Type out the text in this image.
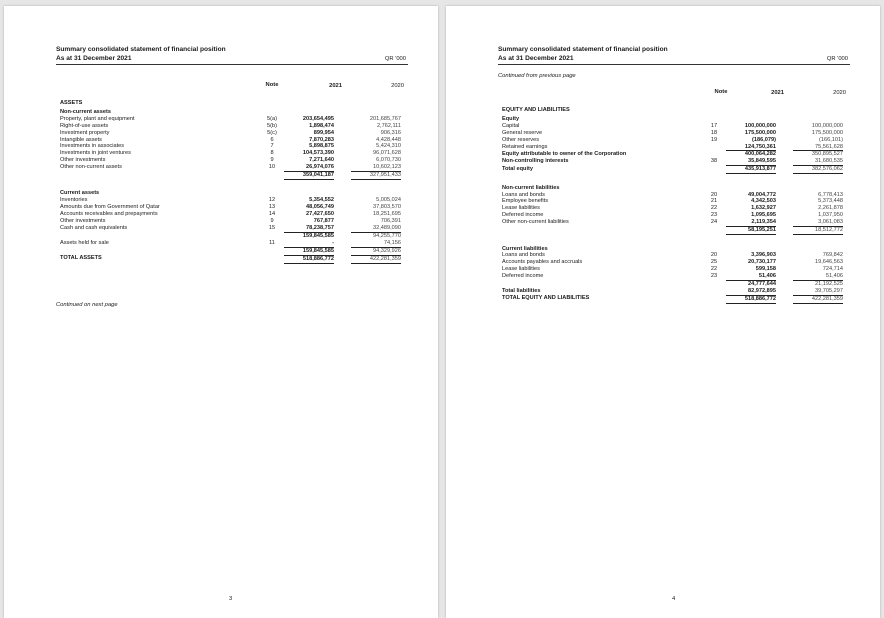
Summary consolidated statement of financial position
As at 31 December 2021	QR '000
Note	2021	2020
ASSETS				
Non-current assets				
Property, plant and equipment	5(a)	203,654,495		201,685,767
Right-of-use assets	5(b)	1,898,474		2,762,111
Investment property	5(c)	899,954		906,316
Intangible assets	6	7,870,283		4,428,448
Investments in associates	7	5,898,875		5,424,310
Investments in joint ventures	8	104,573,390		96,071,628
Other investments	9	7,271,640		6,070,730
Other non-current assets	10	26,974,076		10,602,123
		359,041,187		327,951,433

Current assets				
Inventories	12	5,354,552		5,005,024
Amounts due from Government of Qatar	13	48,056,749		37,803,570
Accounts receivables and prepayments	14	27,427,650		18,251,695
Other investments	9	767,877		706,391
Cash and cash equivalents	15	78,238,757		32,489,090
		159,845,585		94,255,770
Assets held for sale	11	-		74,156
		159,845,585		94,329,926
TOTAL ASSETS		518,886,772		422,281,359
Continued on next page
3
Summary consolidated statement of financial position
As at 31 December 2021	QR '000
Continued from previous page
Note	2021	2020
EQUITY AND LIABILITIES				
Equity				
Capital	17	100,000,000		100,000,000
General reserve	18	175,500,000		175,500,000
Other reserves	19	(186,079)		(166,101)
Retained earnings		124,750,361		75,561,628
Equity attributable to owner of the Corporation		400,064,282		350,895,527
Non-controlling interests	38	35,849,595		31,680,535
Total equity		435,913,877		382,576,062

Non-current liabilities				
Loans and bonds	20	49,004,772		6,778,413
Employee benefits	21	4,342,503		5,373,448
Lease liabilities	22	1,632,927		2,261,878
Deferred income	23	1,095,695		1,037,950
Other non-current liabilities	24	2,119,354		3,061,083
		58,195,251		18,512,772

Current liabilities				
Loans and bonds	20	3,396,903		769,842
Accounts payables and accruals	25	20,730,177		19,646,563
Lease liabilities	22	599,158		724,714
Deferred income	23	51,406		51,406
		24,777,644		21,192,525
Total liabilities		82,972,895		39,705,297
TOTAL EQUITY AND LIABILITIES		518,886,772		422,281,359
4
